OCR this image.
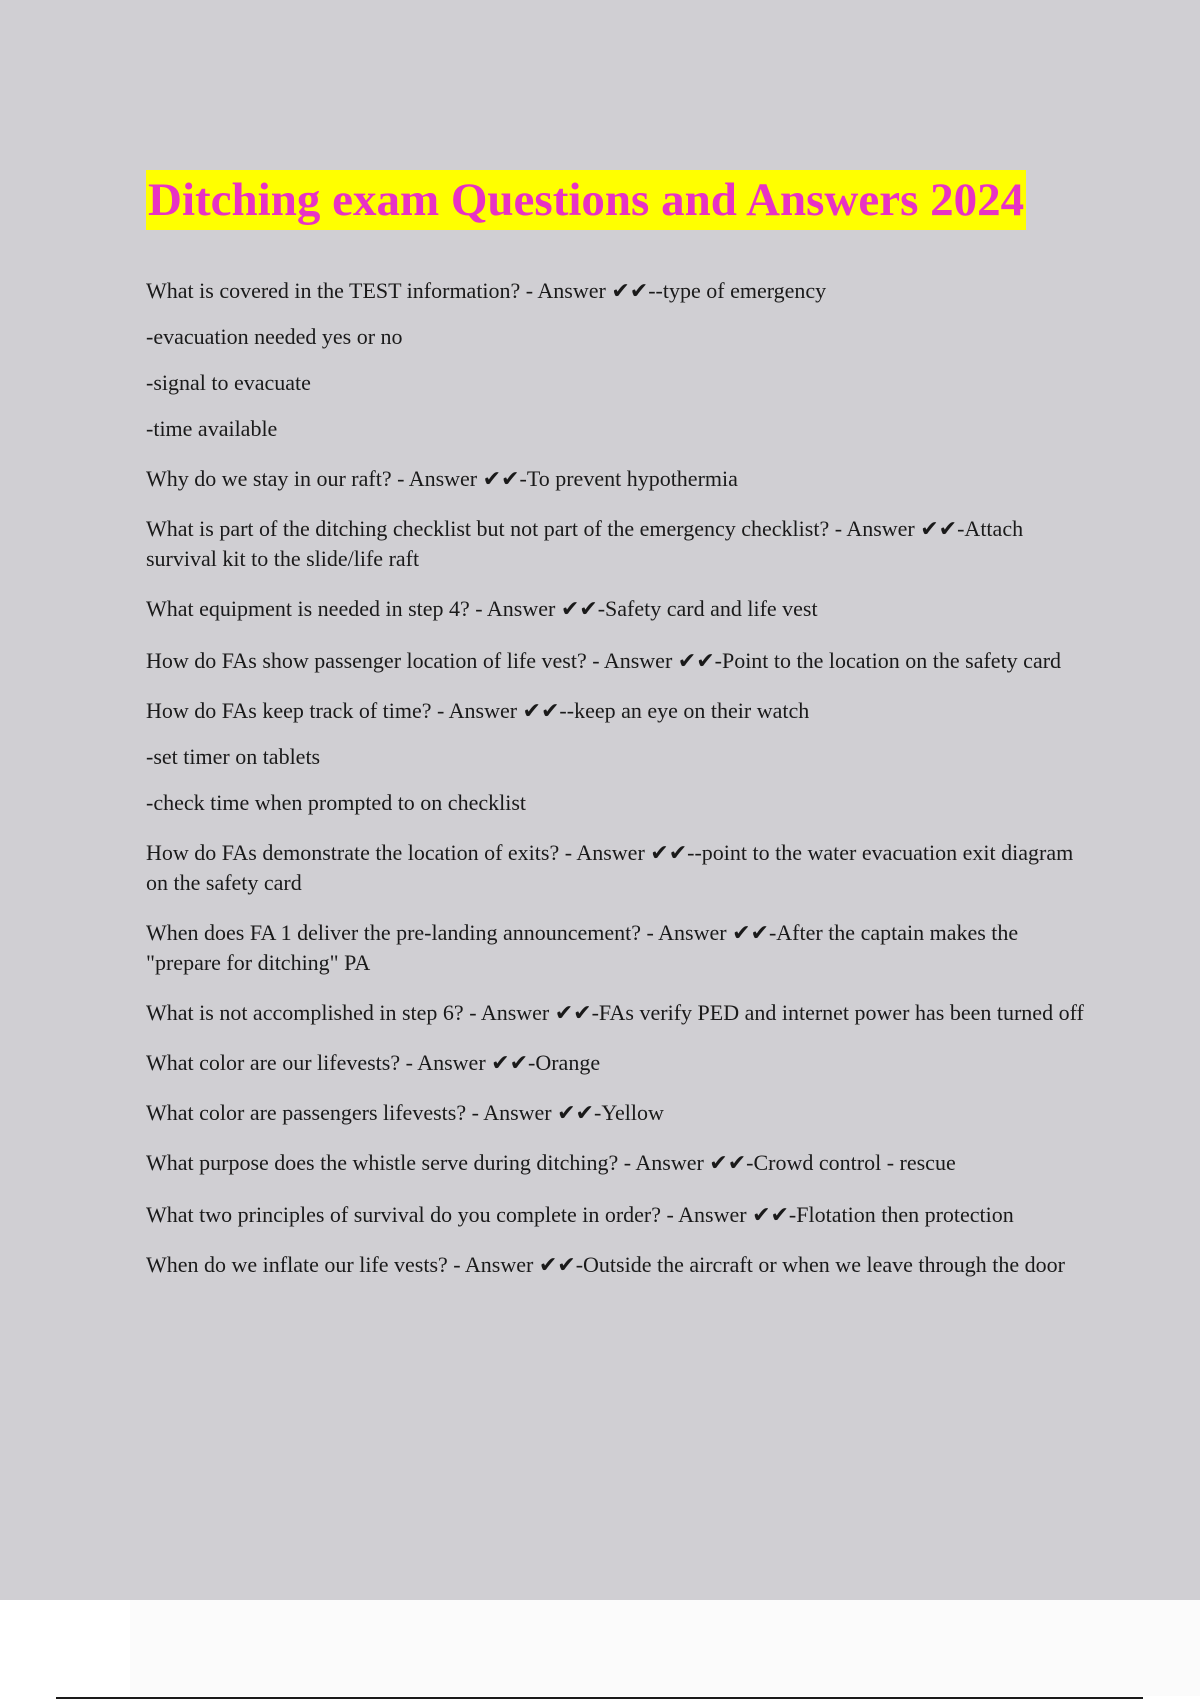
Ditching exam Questions and Answers 2024

What is covered in the TEST information? - Answer ✔✔--type of emergency

-evacuation needed yes or no

-signal to evacuate

-time available

Why do we stay in our raft? - Answer ✔✔-To prevent hypothermia

What is part of the ditching checklist but not part of the emergency checklist? - Answer ✔✔-Attach survival kit to the slide/life raft

What equipment is needed in step 4? - Answer ✔✔-Safety card and life vest

How do FAs show passenger location of life vest? - Answer ✔✔-Point to the location on the safety card

How do FAs keep track of time? - Answer ✔✔--keep an eye on their watch

-set timer on tablets

-check time when prompted to on checklist

How do FAs demonstrate the location of exits? - Answer ✔✔--point to the water evacuation exit diagram on the safety card

When does FA 1 deliver the pre-landing announcement? - Answer ✔✔-After the captain makes the "prepare for ditching" PA

What is not accomplished in step 6? - Answer ✔✔-FAs verify PED and internet power has been turned off

What color are our lifevests? - Answer ✔✔-Orange

What color are passengers lifevests? - Answer ✔✔-Yellow

What purpose does the whistle serve during ditching? - Answer ✔✔-Crowd control - rescue

What two principles of survival do you complete in order? - Answer ✔✔-Flotation then protection

When do we inflate our life vests? - Answer ✔✔-Outside the aircraft or when we leave through the door
